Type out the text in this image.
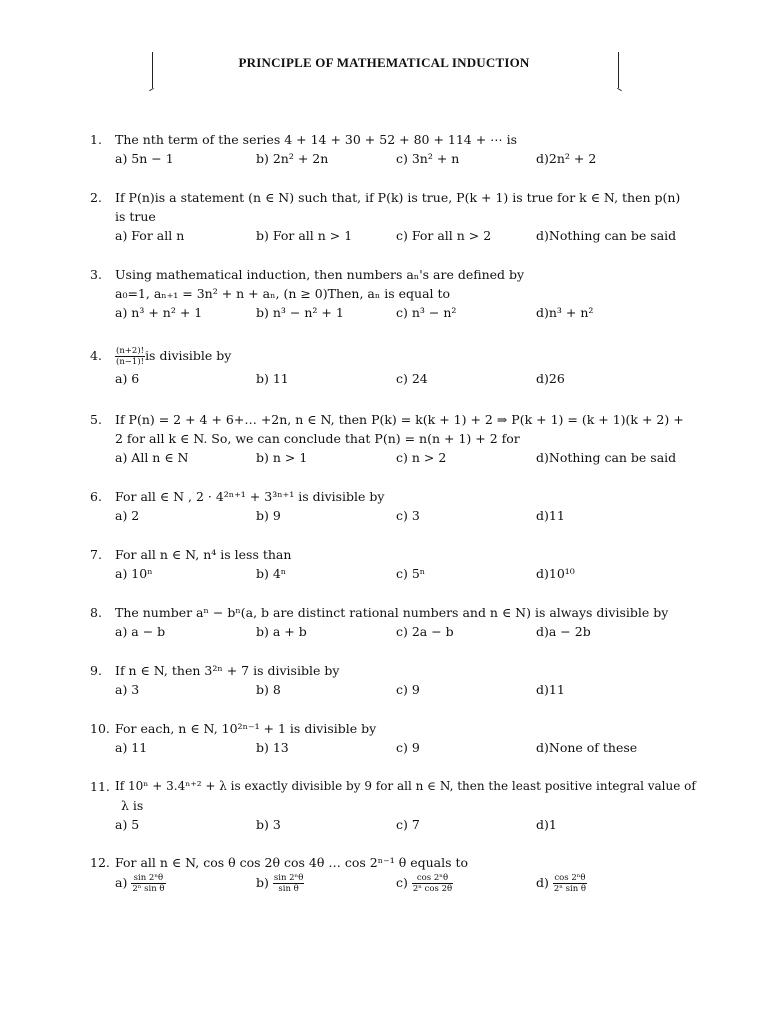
PRINCIPLE OF MATHEMATICAL INDUCTION
1.	The nth term of the series 4 + 14 + 30 + 52 + 80 + 114 + ⋯ is
a) 5n − 1	b) 2n² + 2n	c) 3n² + n	d)2n² + 2
2.	If P(n)is a statement (n ∈ N) such that, if P(k) is true, P(k + 1) is true for k ∈ N, then p(n) is true
a) For all n	b) For all n > 1	c) For all n > 2	d)Nothing can be said
3.	Using mathematical induction, then numbers aₙ's are defined by
a₀=1, aₙ₊₁ = 3n² + n + aₙ, (n ≥ 0)Then, aₙ is equal to
a) n³ + n² + 1	b) n³ − n² + 1	c) n³ − n²	d)n³ + n²
4.	$\frac{(n+2)!}{(n-1)!}$ is divisible by
a) 6	b) 11	c) 24	d)26
5.	If P(n) = 2 + 4 + 6+… +2n, n ∈ N, then P(k) = k(k + 1) + 2 ⇒ P(k + 1) = (k + 1)(k + 2) +
2 for all k ∈ N. So, we can conclude that P(n) = n(n + 1) + 2 for
a) All n ∈ N	b) n > 1	c) n > 2	d)Nothing can be said
6.	For all ∈ N , 2 · 4²ⁿ⁺¹ + 3³ⁿ⁺¹ is divisible by
a) 2	b) 9	c) 3	d)11
7.	For all n ∈ N, n⁴ is less than
a) 10ⁿ	b) 4ⁿ	c) 5ⁿ	d)10¹⁰
8.	The number aⁿ − bⁿ(a, b are distinct rational numbers and n ∈ N) is always divisible by
a) a − b	b) a + b	c) 2a − b	d)a − 2b
9.	If n ∈ N, then 3²ⁿ + 7 is divisible by
a) 3	b) 8	c) 9	d)11
10. For each, n ∈ N, 10²ⁿ⁻¹ + 1 is divisible by
a) 11	b) 13	c) 9	d)None of these
11. If 10ⁿ + 3.4ⁿ⁺² + λ is exactly divisible by 9 for all n ∈ N, then the least positive integral value of
λ is
a) 5	b) 3	c) 7	d)1
12. For all n ∈ N, cos θ cos 2θ cos 4θ … cos 2ⁿ⁻¹ θ equals to
$a) \frac{\text{sin 2ⁿθ}}{\text{2ⁿ sin θ}}$	$b) \frac{\text{sin 2ⁿθ}}{\text{sin θ}}$	$c) \frac{\text{cos 2ⁿθ}}{\text{2ⁿ cos 2θ}}$	$d) \frac{\text{cos 2ⁿθ}}{\text{2ⁿ sin θ}}$
